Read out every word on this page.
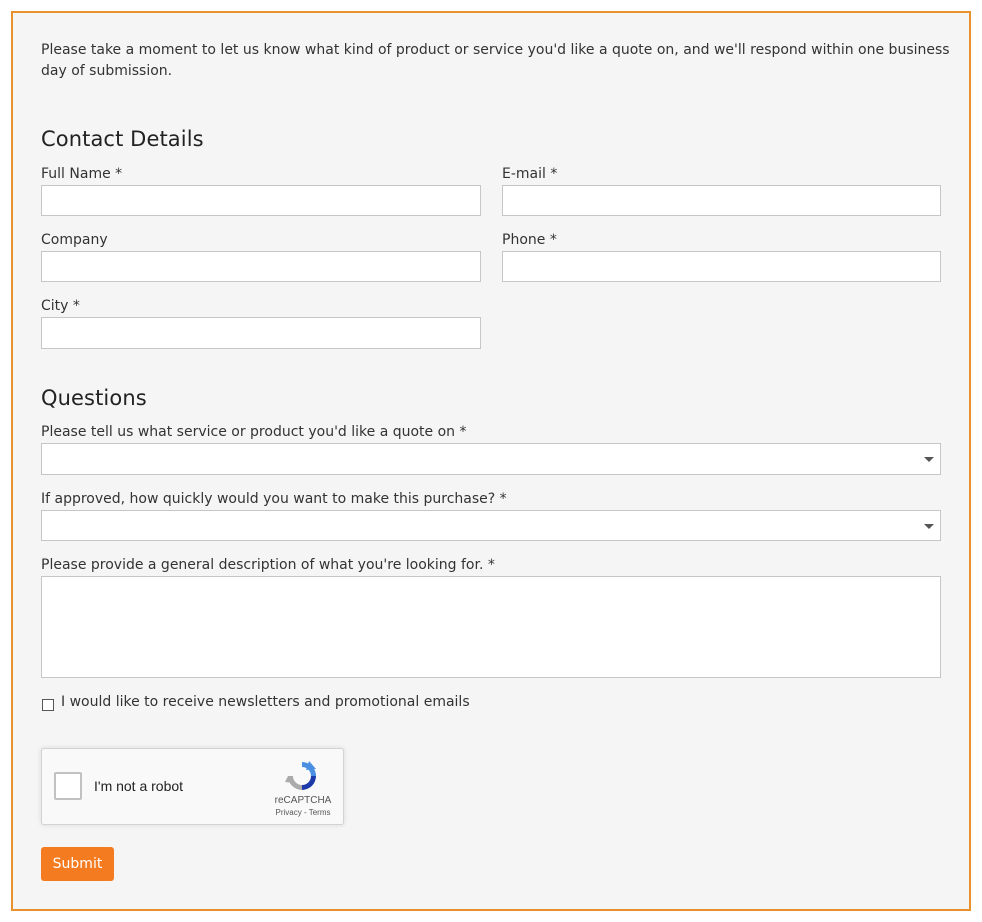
Please take a moment to let us know what kind of product or service you'd like a quote on, and we'll respond within one business day of submission.
Contact Details
Full Name *	E-mail *
Company	Phone *
City *
Questions
Please tell us what service or product you'd like a quote on *
If approved, how quickly would you want to make this purchase? *
Please provide a general description of what you're looking for. *
I would like to receive newsletters and promotional emails
I'm not a robot
reCAPTCHA
Privacy - Terms
Submit
